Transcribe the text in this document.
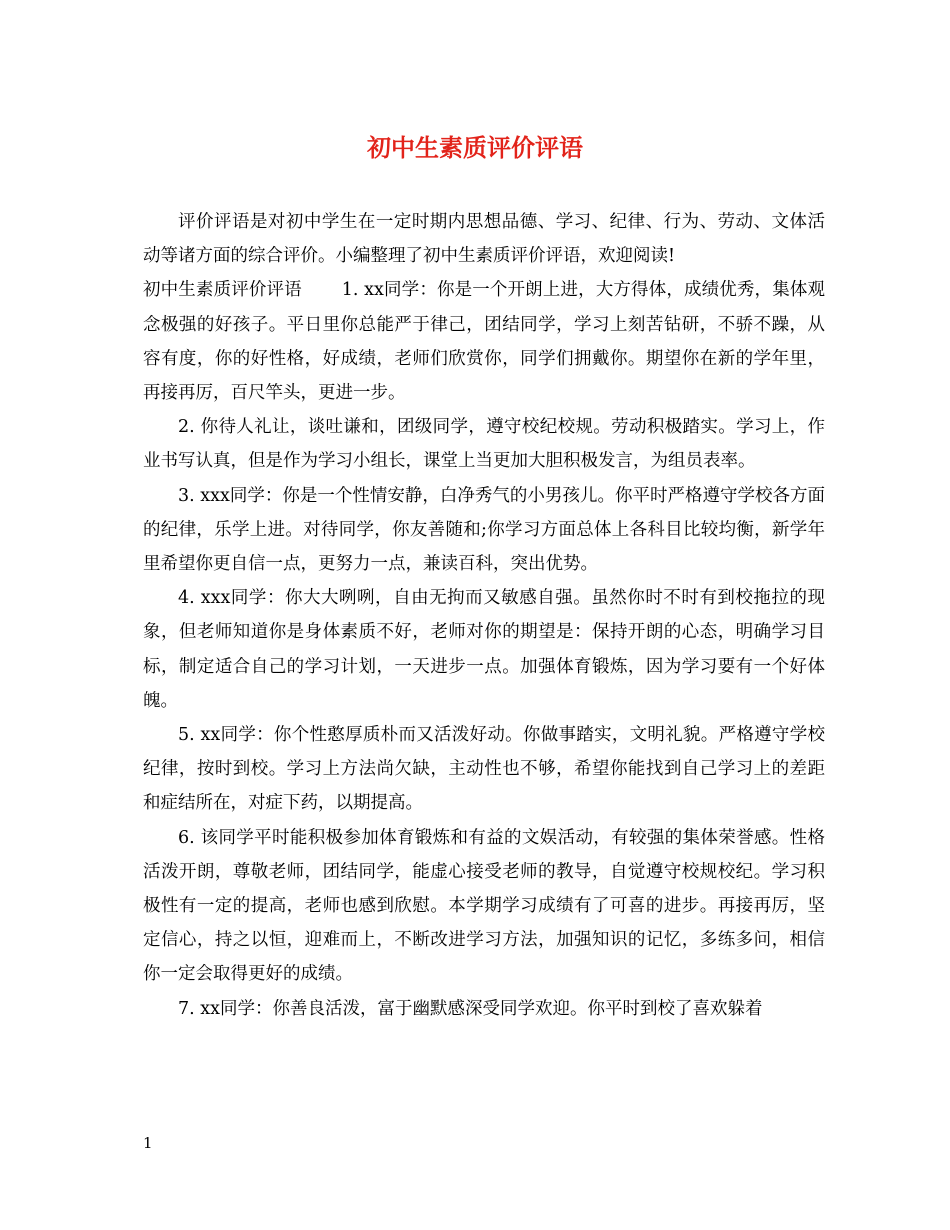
初中生素质评价评语

评价评语是对初中学生在一定时期内思想品德、学习、纪律、行为、劳动、文体活动等诸方面的综合评价。小编整理了初中生素质评价评语，欢迎阅读!

初中生素质评价评语 1. xx同学：你是一个开朗上进，大方得体，成绩优秀，集体观念极强的好孩子。平日里你总能严于律己，团结同学，学习上刻苦钻研，不骄不躁，从容有度，你的好性格，好成绩，老师们欣赏你，同学们拥戴你。期望你在新的学年里，再接再厉，百尺竿头，更进一步。

2. 你待人礼让，谈吐谦和，团级同学，遵守校纪校规。劳动积极踏实。学习上，作业书写认真，但是作为学习小组长，课堂上当更加大胆积极发言，为组员表率。

3. xxx同学：你是一个性情安静，白净秀气的小男孩儿。你平时严格遵守学校各方面的纪律，乐学上进。对待同学，你友善随和;你学习方面总体上各科目比较均衡，新学年里希望你更自信一点，更努力一点，兼读百科，突出优势。

4. xxx同学：你大大咧咧，自由无拘而又敏感自强。虽然你时不时有到校拖拉的现象，但老师知道你是身体素质不好，老师对你的期望是：保持开朗的心态，明确学习目标，制定适合自己的学习计划，一天进步一点。加强体育锻炼，因为学习要有一个好体魄。

5. xx同学：你个性憨厚质朴而又活泼好动。你做事踏实，文明礼貌。严格遵守学校纪律，按时到校。学习上方法尚欠缺，主动性也不够，希望你能找到自己学习上的差距和症结所在，对症下药，以期提高。

6. 该同学平时能积极参加体育锻炼和有益的文娱活动，有较强的集体荣誉感。性格活泼开朗，尊敬老师，团结同学，能虚心接受老师的教导，自觉遵守校规校纪。学习积极性有一定的提高，老师也感到欣慰。本学期学习成绩有了可喜的进步。再接再厉，坚定信心，持之以恒，迎难而上，不断改进学习方法，加强知识的记忆，多练多问，相信你一定会取得更好的成绩。

7. xx同学：你善良活泼，富于幽默感深受同学欢迎。你平时到校了喜欢躲着

1
